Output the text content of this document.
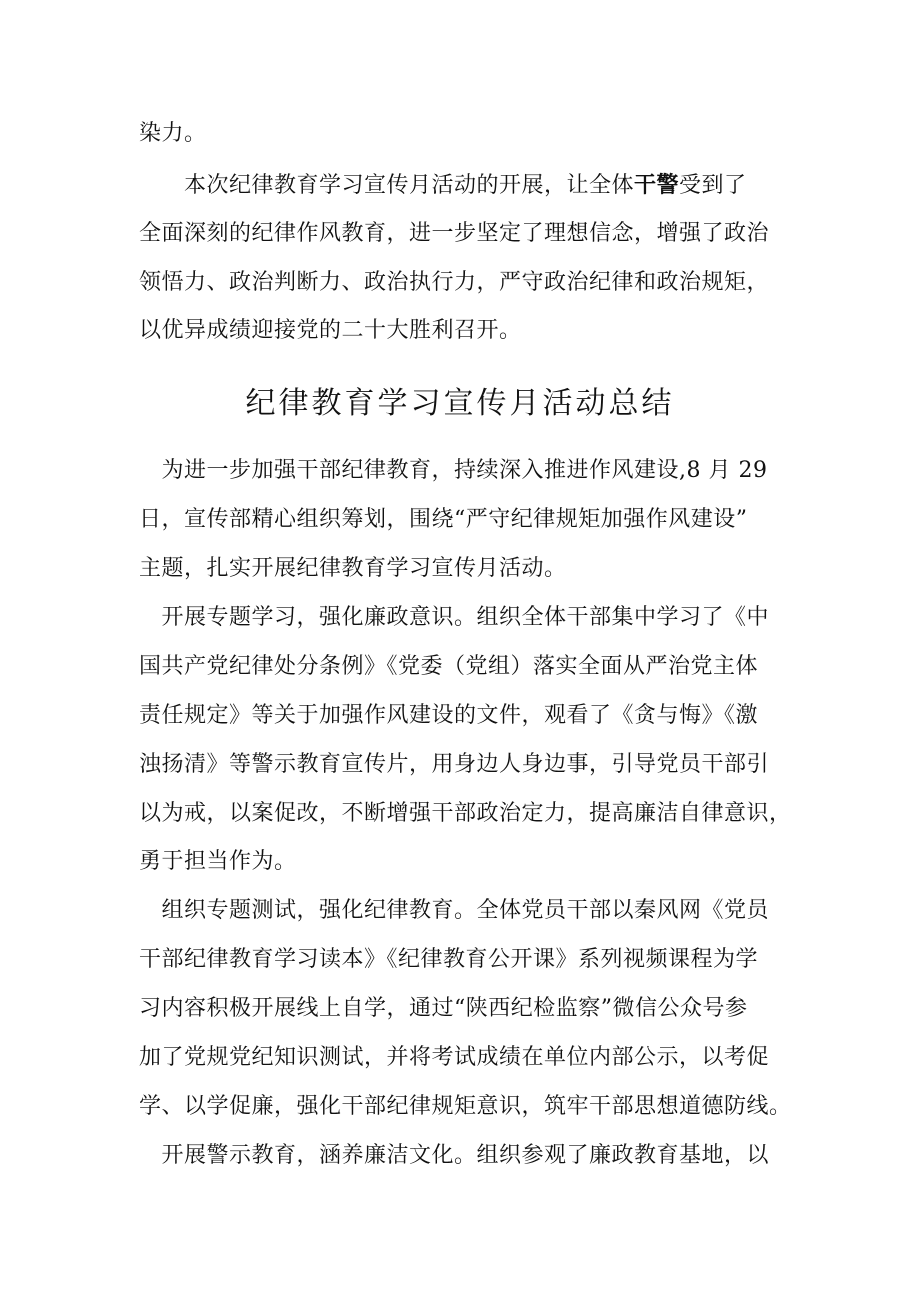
染力。
　　本次纪律教育学习宣传月活动的开展，让全体干警受到了
全面深刻的纪律作风教育，进一步坚定了理想信念，增强了政治
领悟力、政治判断力、政治执行力，严守政治纪律和政治规矩，
以优异成绩迎接党的二十大胜利召开。
纪律教育学习宣传月活动总结
　为进一步加强干部纪律教育，持续深入推进作风建设,8 月 29
日，宣传部精心组织筹划，围绕“严守纪律规矩加强作风建设”
主题，扎实开展纪律教育学习宣传月活动。
　开展专题学习，强化廉政意识。组织全体干部集中学习了《中
国共产党纪律处分条例》《党委（党组）落实全面从严治党主体
责任规定》等关于加强作风建设的文件，观看了《贪与悔》《激
浊扬清》等警示教育宣传片，用身边人身边事，引导党员干部引
以为戒，以案促改，不断增强干部政治定力，提高廉洁自律意识，
勇于担当作为。
　组织专题测试，强化纪律教育。全体党员干部以秦风网《党员
干部纪律教育学习读本》《纪律教育公开课》系列视频课程为学
习内容积极开展线上自学，通过“陕西纪检监察”微信公众号参
加了党规党纪知识测试，并将考试成绩在单位内部公示，以考促
学、以学促廉，强化干部纪律规矩意识，筑牢干部思想道德防线。
　开展警示教育，涵养廉洁文化。组织参观了廉政教育基地，以
